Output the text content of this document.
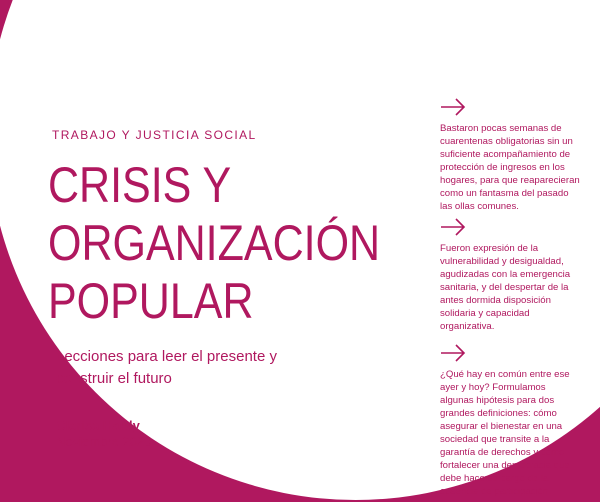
TRABAJO Y JUSTICIA SOCIAL
CRISIS Y
ORGANIZACIÓN
POPULAR
Lecciones para leer el presente y construir el futuro
Clarisa Hardy
Noviembre 2020

Bastaron pocas semanas de cuarentenas obligatorias sin un suficiente acompañamiento de protección de ingresos en los hogares, para que reaparecieran como un fantasma del pasado las ollas comunes.

Fueron expresión de la vulnerabilidad y desigualdad, agudizadas con la emergencia sanitaria, y del despertar de la antes dormida disposición solidaria y capacidad organizativa.

¿Qué hay en común entre ese ayer y hoy? Formulamos algunas hipótesis para dos grandes definiciones: cómo asegurar el bienestar en una sociedad que transite a la garantía de derechos y cómo fortalecer una democracia que debe hacerse cargo de la ausencia de participación.
